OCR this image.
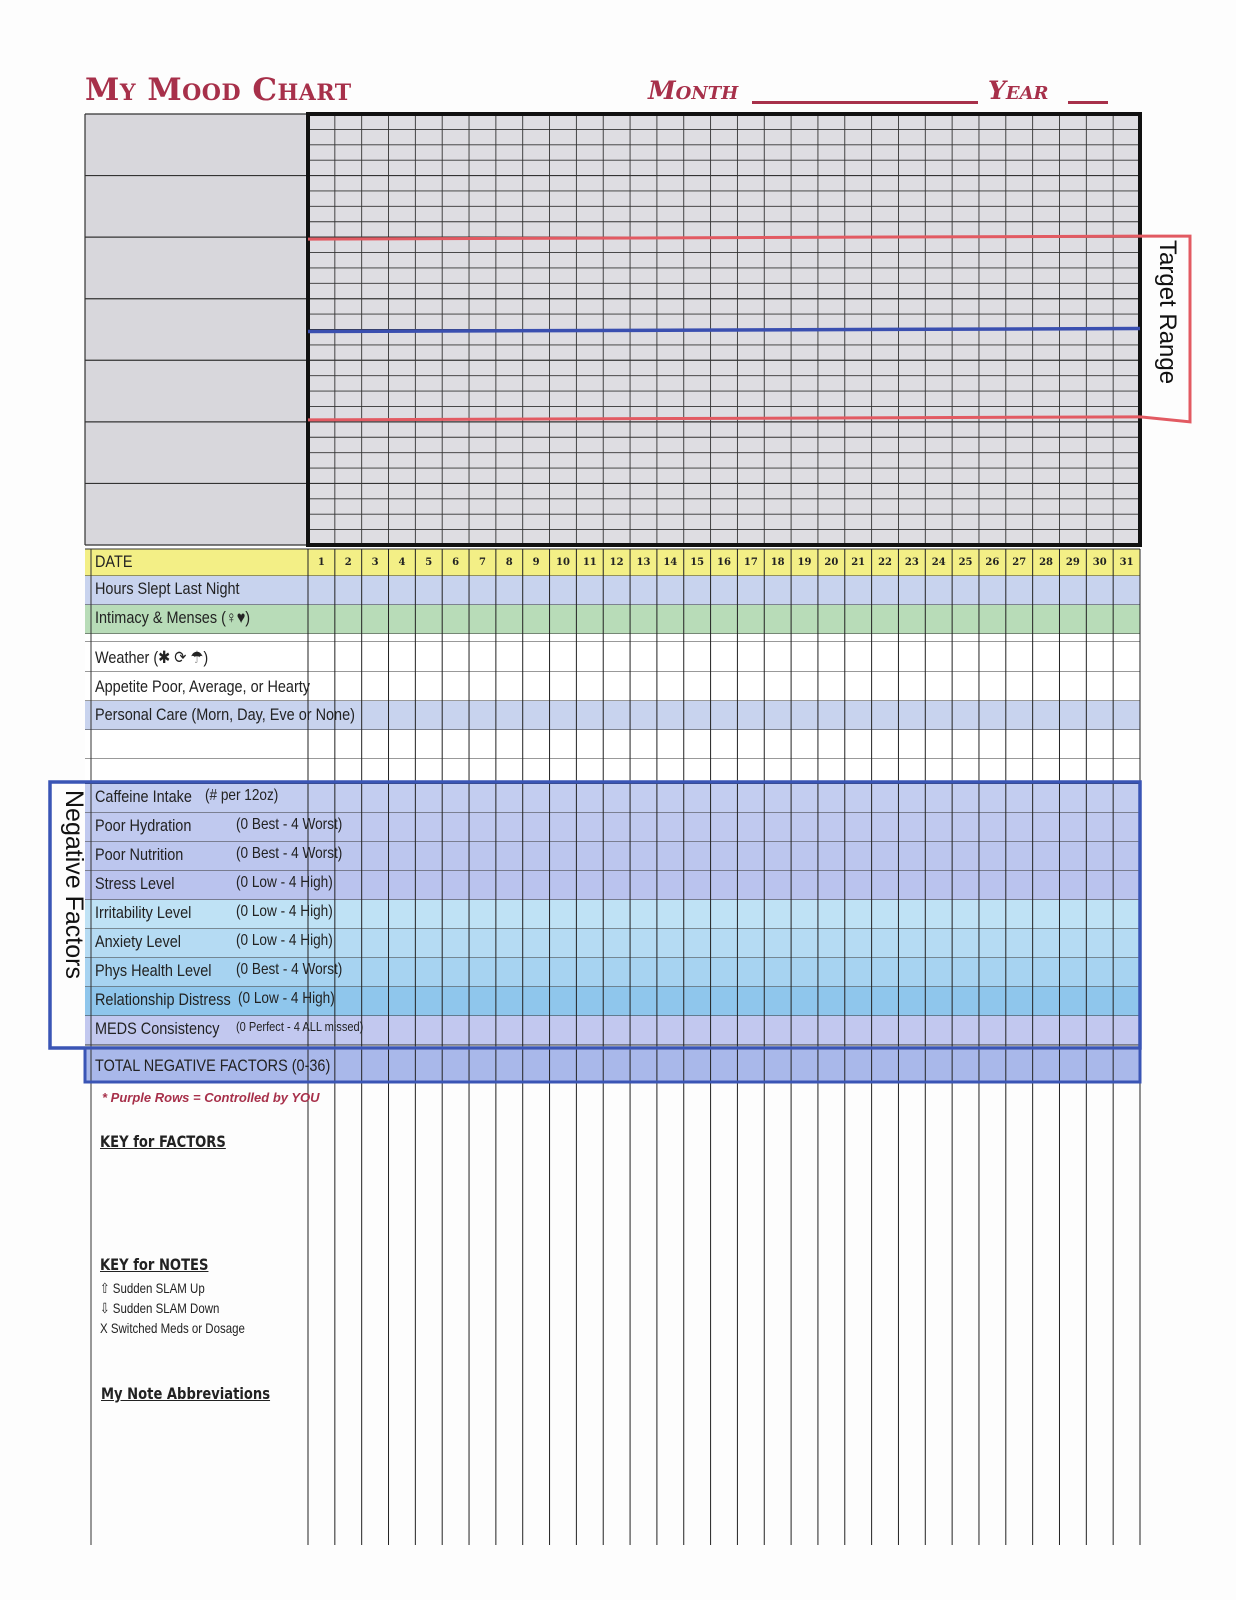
My Mood Chart	Month	Year
Target Range
Negative Factors
DATE	1	2	3	4	5	6	7	8	9	10	11	12	13	14	15	16	17	18	19	20	21	22	23	24	25	26	27	28	29	30	31
Hours Slept Last Night
Intimacy & Menses (♀♥)
Weather (✱ ⟳ ☂)
Appetite Poor, Average, or Hearty
Personal Care (Morn, Day, Eve or None)
Caffeine Intake (# per 12oz)
Poor Hydration	(0 Best - 4 Worst)
Poor Nutrition	(0 Best - 4 Worst)
Stress Level	(0 Low - 4 High)
Irritability Level	(0 Low - 4 High)
Anxiety Level	(0 Low - 4 High)
Phys Health Level (0 Best - 4 Worst)
Relationship Distress (0 Low - 4 High)
MEDS Consistency (0 Perfect - 4 ALL missed)
TOTAL NEGATIVE FACTORS (0-36)
* Purple Rows = Controlled by YOU
KEY for FACTORS
KEY for NOTES
⇧ Sudden SLAM Up
⇩ Sudden SLAM Down
X Switched Meds or Dosage
My Note Abbreviations
